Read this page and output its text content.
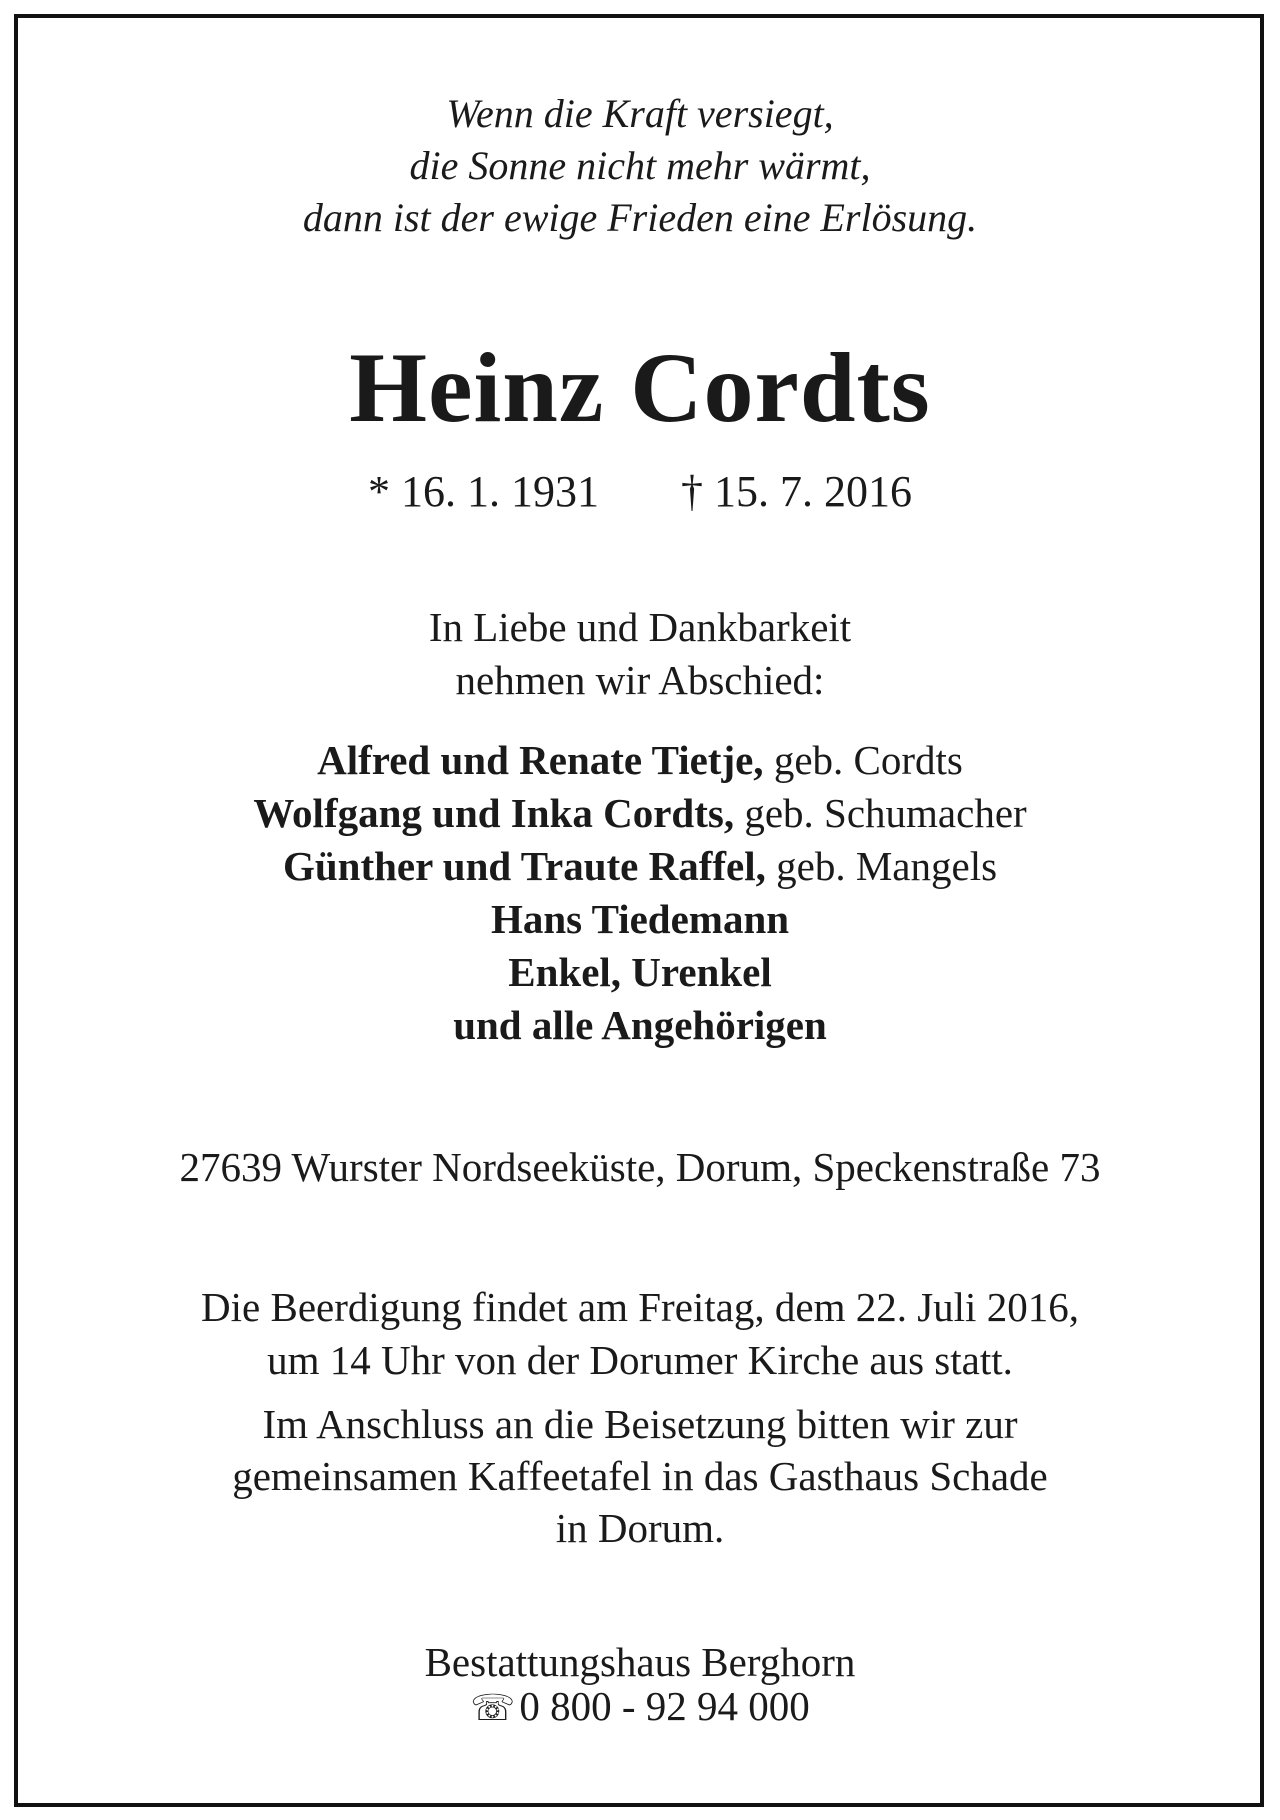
Wenn die Kraft versiegt,
die Sonne nicht mehr wärmt,
dann ist der ewige Frieden eine Erlösung.
Heinz Cordts
* 16. 1. 1931 † 15. 7. 2016
In Liebe und Dankbarkeit
nehmen wir Abschied:
Alfred und Renate Tietje, geb. Cordts
Wolfgang und Inka Cordts, geb. Schumacher
Günther und Traute Raffel, geb. Mangels
Hans Tiedemann
Enkel, Urenkel
und alle Angehörigen
27639 Wurster Nordseeküste, Dorum, Speckenstraße 73
Die Beerdigung findet am Freitag, dem 22. Juli 2016,
um 14 Uhr von der Dorumer Kirche aus statt.
Im Anschluss an die Beisetzung bitten wir zur
gemeinsamen Kaffeetafel in das Gasthaus Schade
in Dorum.
Bestattungshaus Berghorn
☏0 800 - 92 94 000
